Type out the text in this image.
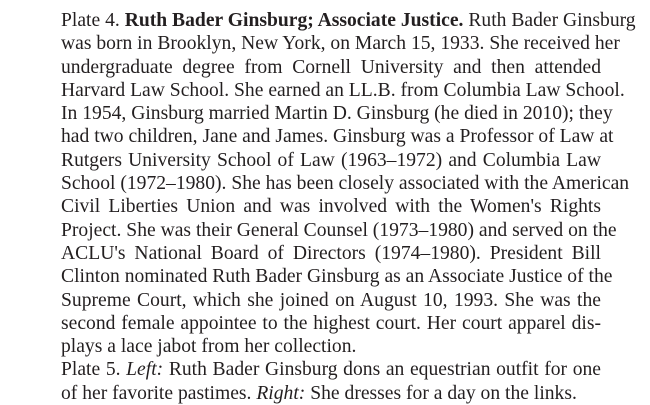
Plate 4. Ruth Bader Ginsburg; Associate Justice. Ruth Bader Ginsburg
was born in Brooklyn, New York, on March 15, 1933. She received her
undergraduate degree from Cornell University and then attended
Harvard Law School. She earned an LL.B. from Columbia Law School.
In 1954, Ginsburg married Martin D. Ginsburg (he died in 2010); they
had two children, Jane and James. Ginsburg was a Professor of Law at
Rutgers University School of Law (1963–1972) and Columbia Law
School (1972–1980). She has been closely associated with the American
Civil Liberties Union and was involved with the Women's Rights
Project. She was their General Counsel (1973–1980) and served on the
ACLU's National Board of Directors (1974–1980). President Bill
Clinton nominated Ruth Bader Ginsburg as an Associate Justice of the
Supreme Court, which she joined on August 10, 1993. She was the
second female appointee to the highest court. Her court apparel dis-
plays a lace jabot from her collection.
Plate 5. Left: Ruth Bader Ginsburg dons an equestrian outfit for one
of her favorite pastimes. Right: She dresses for a day on the links.
